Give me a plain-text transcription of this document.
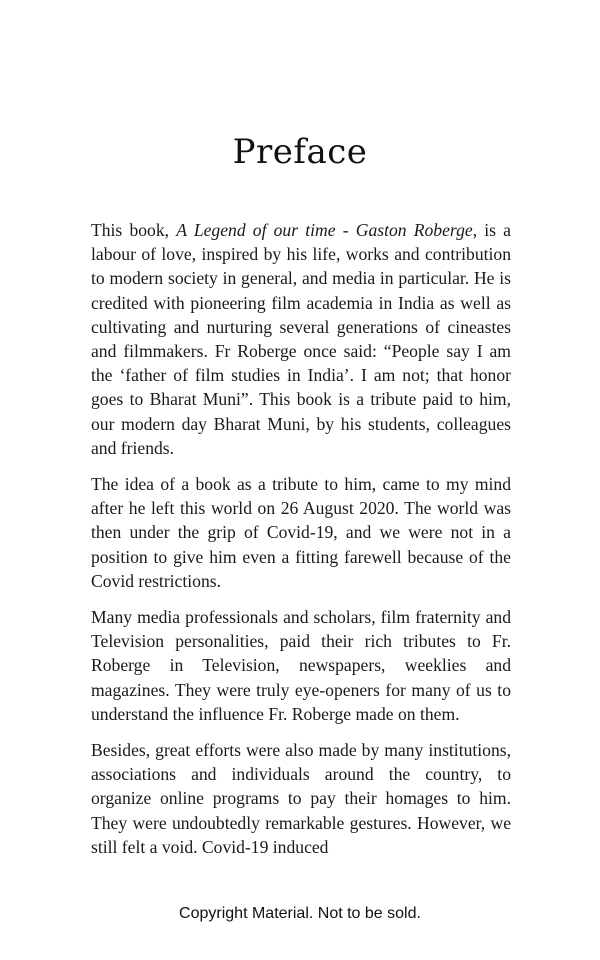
Preface

This book, A Legend of our time - Gaston Roberge, is a labour of love, inspired by his life, works and contribution to modern society in general, and media in particular. He is credited with pioneering film academia in India as well as cultivating and nurturing several generations of cineastes and filmmakers. Fr Roberge once said: “People say I am the ‘father of film studies in India’. I am not; that honor goes to Bharat Muni”. This book is a tribute paid to him, our modern day Bharat Muni, by his students, colleagues and friends.

The idea of a book as a tribute to him, came to my mind after he left this world on 26 August 2020. The world was then under the grip of Covid-19, and we were not in a position to give him even a fitting farewell because of the Covid restrictions.

Many media professionals and scholars, film fraternity and Television personalities, paid their rich tributes to Fr. Roberge in Television, newspapers, weeklies and magazines. They were truly eye-openers for many of us to understand the influence Fr. Roberge made on them.

Besides, great efforts were also made by many institutions, associations and individuals around the country, to organize online programs to pay their homages to him. They were undoubtedly remarkable gestures. However, we still felt a void. Covid-19 induced

Copyright Material. Not to be sold.
